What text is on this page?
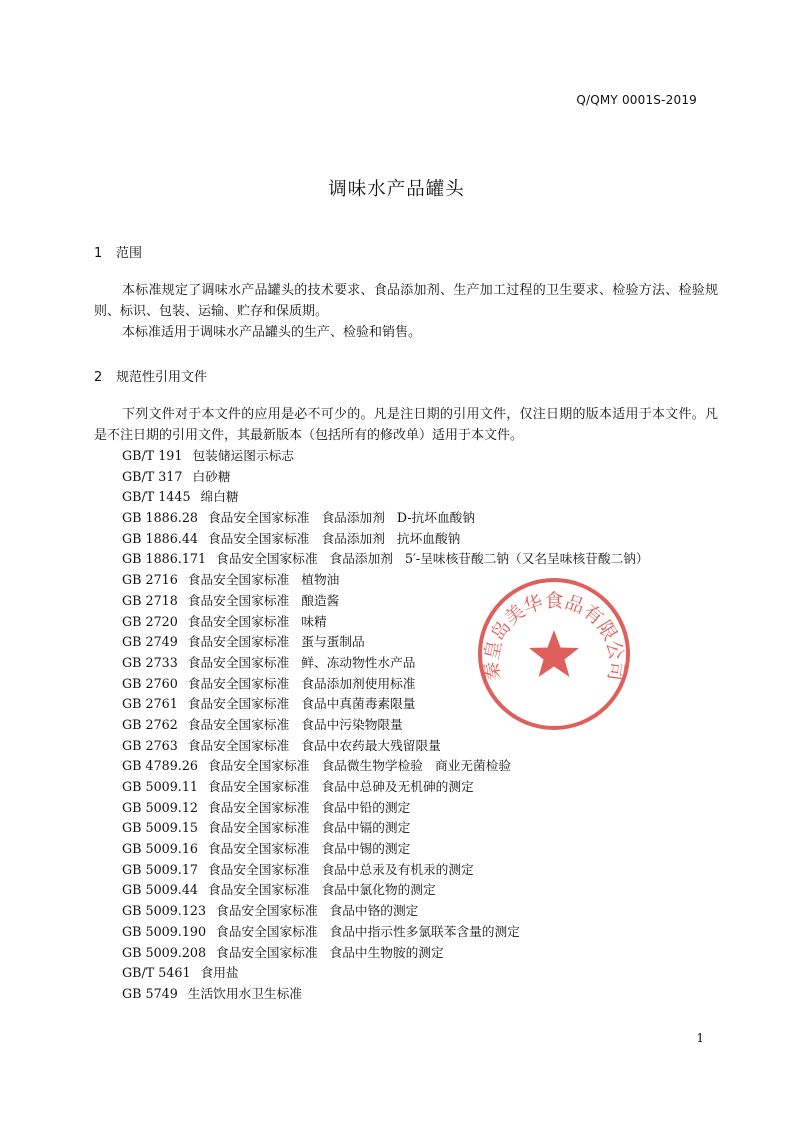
Q/QMY 0001S-2019
调味水产品罐头
1 范围
本标准规定了调味水产品罐头的技术要求、食品添加剂、生产加工过程的卫生要求、检验方法、检验规则、标识、包装、运输、贮存和保质期。
本标准适用于调味水产品罐头的生产、检验和销售。
2 规范性引用文件
下列文件对于本文件的应用是必不可少的。凡是注日期的引用文件，仅注日期的版本适用于本文件。凡是不注日期的引用文件，其最新版本（包括所有的修改单）适用于本文件。
GB/T 191 包装储运图示标志
GB/T 317 白砂糖
GB/T 1445 绵白糖
GB 1886.28 食品安全国家标准 食品添加剂 D-抗坏血酸钠
GB 1886.44 食品安全国家标准 食品添加剂 抗坏血酸钠
GB 1886.171 食品安全国家标准 食品添加剂 5′-呈味核苷酸二钠（又名呈味核苷酸二钠）
GB 2716 食品安全国家标准 植物油
GB 2718 食品安全国家标准 酿造酱
GB 2720 食品安全国家标准 味精
GB 2749 食品安全国家标准 蛋与蛋制品
GB 2733 食品安全国家标准 鲜、冻动物性水产品
GB 2760 食品安全国家标准 食品添加剂使用标准
GB 2761 食品安全国家标准 食品中真菌毒素限量
GB 2762 食品安全国家标准 食品中污染物限量
GB 2763 食品安全国家标准 食品中农药最大残留限量
GB 4789.26 食品安全国家标准 食品微生物学检验 商业无菌检验
GB 5009.11 食品安全国家标准 食品中总砷及无机砷的测定
GB 5009.12 食品安全国家标准 食品中铅的测定
GB 5009.15 食品安全国家标准 食品中镉的测定
GB 5009.16 食品安全国家标准 食品中锡的测定
GB 5009.17 食品安全国家标准 食品中总汞及有机汞的测定
GB 5009.44 食品安全国家标准 食品中氯化物的测定
GB 5009.123 食品安全国家标准 食品中铬的测定
GB 5009.190 食品安全国家标准 食品中指示性多氯联苯含量的测定
GB 5009.208 食品安全国家标准 食品中生物胺的测定
GB/T 5461 食用盐
GB 5749 生活饮用水卫生标准
秦皇岛美华食品有限公司
1
